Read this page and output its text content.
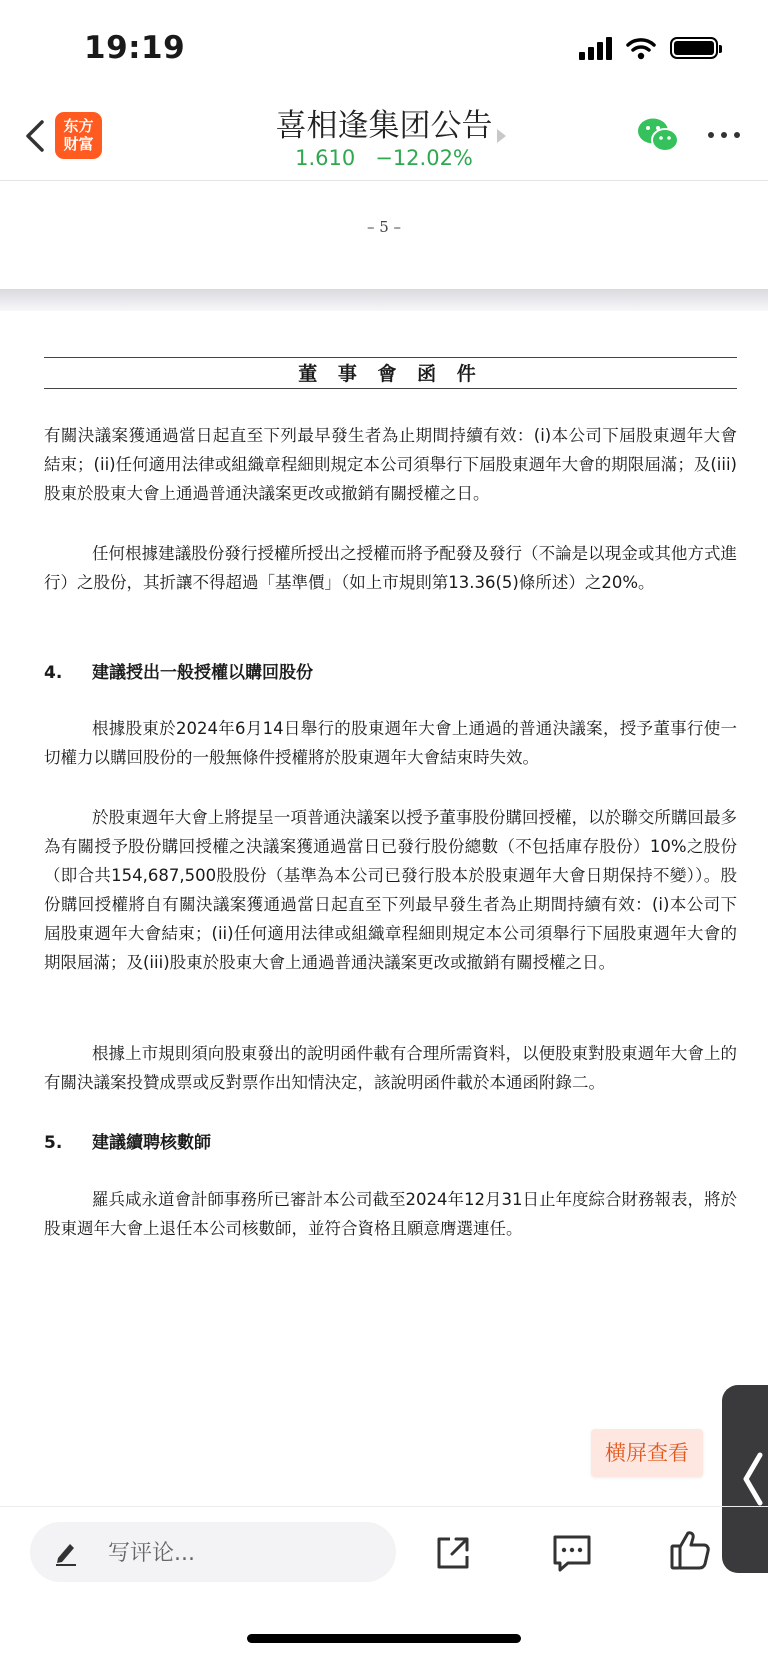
19:19
东方
财富	喜相逢集团公告
1.610 −12.02%
– 5 –
董 事 會 函 件
有關決議案獲通過當日起直至下列最早發生者為止期間持續有效：(i)本公司下屆股東週年大會結束；(ii)任何適用法律或組織章程細則規定本公司須舉行下屆股東週年大會的期限屆滿；及(iii)股東於股東大會上通過普通決議案更改或撤銷有關授權之日。
任何根據建議股份發行授權所授出之授權而將予配發及發行（不論是以現金或其他方式進行）之股份，其折讓不得超過「基準價」（如上市規則第13.36(5)條所述）之20%。
4. 建議授出一般授權以購回股份
根據股東於2024年6月14日舉行的股東週年大會上通過的普通決議案，授予董事行使一切權力以購回股份的一般無條件授權將於股東週年大會結束時失效。
於股東週年大會上將提呈一項普通決議案以授予董事股份購回授權，以於聯交所購回最多為有關授予股份購回授權之決議案獲通過當日已發行股份總數（不包括庫存股份）10%之股份（即合共154,687,500股股份（基準為本公司已發行股本於股東週年大會日期保持不變））。股份購回授權將自有關決議案獲通過當日起直至下列最早發生者為止期間持續有效：(i)本公司下屆股東週年大會結束；(ii)任何適用法律或組織章程細則規定本公司須舉行下屆股東週年大會的期限屆滿；及(iii)股東於股東大會上通過普通決議案更改或撤銷有關授權之日。
根據上市規則須向股東發出的說明函件載有合理所需資料，以便股東對股東週年大會上的有關決議案投贊成票或反對票作出知情決定，該說明函件載於本通函附錄二。
5. 建議續聘核數師
羅兵咸永道會計師事務所已審計本公司截至2024年12月31日止年度綜合財務報表，將於股東週年大會上退任本公司核數師，並符合資格且願意膺選連任。
横屏查看
写评论...
